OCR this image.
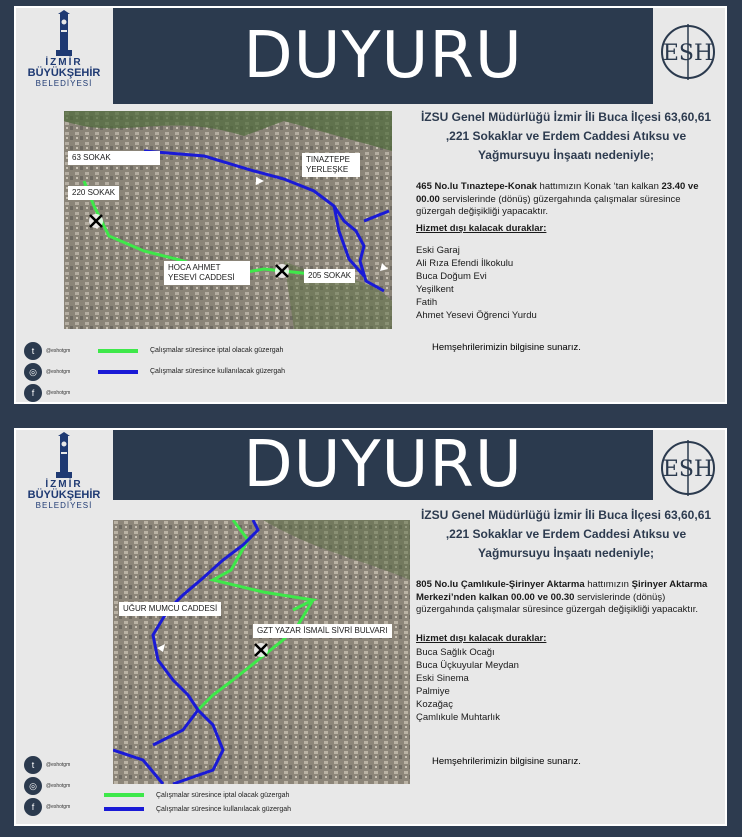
İZMİR
BÜYÜKŞEHİR
BELEDİYESİ	DUYURU	ESH
63 SOKAK
220 SOKAK
TINAZTEPE YERLEŞKE
HOCA AHMET YESEVİ CADDESİ	205 SOKAK
İZSU Genel Müdürlüğü İzmir İli Buca İlçesi 63,60,61 ,221 Sokaklar ve Erdem Caddesi Atıksu ve Yağmursuyu İnşaatı nedeniyle;
465 No.lu Tınaztepe-Konak hattımızın Konak ‘tan kalkan 23.40 ve 00.00 servislerinde (dönüş) güzergahında çalışmalar süresince güzergah değişikliği yapacaktır.
Hizmet dışı kalacak duraklar:
Eski Garaj
Ali Rıza Efendi İlkokulu
Buca Doğum Evi
Yeşilkent
Fatih
Ahmet Yesevi Öğrenci Yurdu
Hemşehrilerimizin bilgisine sunarız.
t	@eshotgm
◎	@eshotgm
f	@eshotgm
Çalışmalar süresince iptal olacak güzergah
Çalışmalar süresince kullanılacak güzergah
İZMİR
BÜYÜKŞEHİR
BELEDİYESİ
DUYURU	ESH
UĞUR MUMCU CADDESİ
GZT YAZAR İSMAİL SİVRİ BULVARI
İZSU Genel Müdürlüğü İzmir İli Buca İlçesi 63,60,61 ,221 Sokaklar ve Erdem Caddesi Atıksu ve Yağmursuyu İnşaatı nedeniyle;
805 No.lu Çamlıkule-Şirinyer Aktarma hattımızın Şirinyer Aktarma Merkezi’nden kalkan 00.00 ve 00.30 servislerinde (dönüş) güzergahında çalışmalar süresince güzergah değişikliği yapacaktır.
Hizmet dışı kalacak duraklar:
Buca Sağlık Ocağı
Buca Üçkuyular Meydan
Eski Sinema
Palmiye
Kozağaç
Çamlıkule Muhtarlık
Hemşehrilerimizin bilgisine sunarız.
t	@eshotgm
◎	@eshotgm
f	@eshotgm
Çalışmalar süresince iptal olacak güzergah
Çalışmalar süresince kullanılacak güzergah
